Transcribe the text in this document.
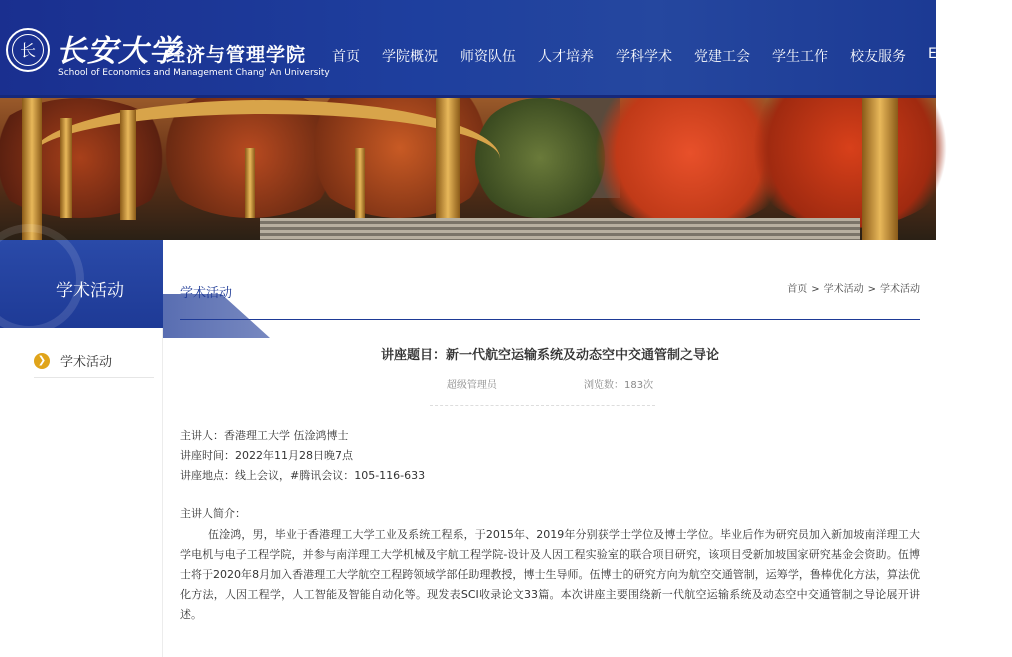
长 长安大学
经济与管理学院
School of Economics and Management Chang' An University
首页 学院概况 师资队伍 人才培养 学科学术 党建工会 学生工作 校友服务 ENGLISH
学术活动
❯ 学术活动
学术活动	首页 > 学术活动 > 学术活动
讲座题目：新一代航空运输系统及动态空中交通管制之导论
超级管理员	浏览数：183次
主讲人：香港理工大学 伍淦鸿博士
讲座时间：2022年11月28日晚7点
讲座地点：线上会议，#腾讯会议：105-116-633
主讲人简介：

伍淦鸿，男，毕业于香港理工大学工业及系统工程系，于2015年、2019年分别获学士学位及博士学位。毕业后作为研究员加入新加坡南洋理工大学电机与电子工程学院，并参与南洋理工大学机械及宇航工程学院-设计及人因工程实验室的联合项目研究，该项目受新加坡国家研究基金会资助。伍博士将于2020年8月加入香港理工大学航空工程跨领域学部任助理教授，博士生导师。伍博士的研究方向为航空交通管制，运筹学，鲁棒优化方法，算法优化方法，人因工程学，人工智能及智能自动化等。现发表SCI收录论文33篇。本次讲座主要围绕新一代航空运输系统及动态空中交通管制之导论展开讲述。
